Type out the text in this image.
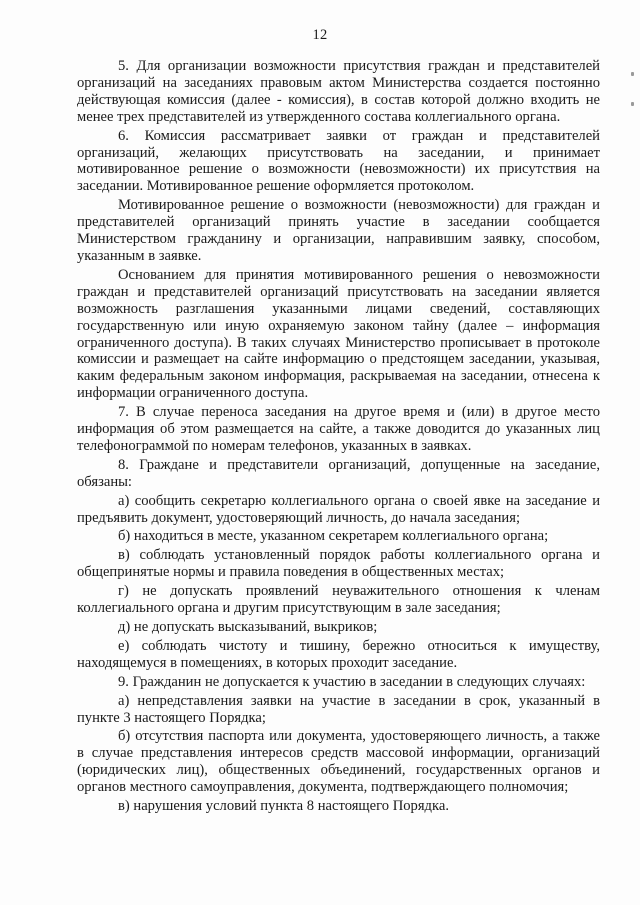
12

5. Для организации возможности присутствия граждан и представителей организаций на заседаниях правовым актом Министерства создается постоянно действующая комиссия (далее - комиссия), в состав которой должно входить не менее трех представителей из утвержденного состава коллегиального органа.

6. Комиссия рассматривает заявки от граждан и представителей организаций, желающих присутствовать на заседании, и принимает мотивированное решение о возможности (невозможности) их присутствия на заседании. Мотивированное решение оформляется протоколом.

Мотивированное решение о возможности (невозможности) для граждан и представителей организаций принять участие в заседании сообщается Министерством гражданину и организации, направившим заявку, способом, указанным в заявке.

Основанием для принятия мотивированного решения о невозможности граждан и представителей организаций присутствовать на заседании является возможность разглашения указанными лицами сведений, составляющих государственную или иную охраняемую законом тайну (далее – информация ограниченного доступа). В таких случаях Министерство прописывает в протоколе комиссии и размещает на сайте информацию о предстоящем заседании, указывая, каким федеральным законом информация, раскрываемая на заседании, отнесена к информации ограниченного доступа.

7. В случае переноса заседания на другое время и (или) в другое место информация об этом размещается на сайте, а также доводится до указанных лиц телефонограммой по номерам телефонов, указанных в заявках.

8. Граждане и представители организаций, допущенные на заседание, обязаны:

а) сообщить секретарю коллегиального органа о своей явке на заседание и предъявить документ, удостоверяющий личность, до начала заседания;

б) находиться в месте, указанном секретарем коллегиального органа;

в) соблюдать установленный порядок работы коллегиального органа и общепринятые нормы и правила поведения в общественных местах;

г) не допускать проявлений неуважительного отношения к членам коллегиального органа и другим присутствующим в зале заседания;

д) не допускать высказываний, выкриков;

е) соблюдать чистоту и тишину, бережно относиться к имуществу, находящемуся в помещениях, в которых проходит заседание.

9. Гражданин не допускается к участию в заседании в следующих случаях:

а) непредставления заявки на участие в заседании в срок, указанный в пункте 3 настоящего Порядка;

б) отсутствия паспорта или документа, удостоверяющего личность, а также в случае представления интересов средств массовой информации, организаций (юридических лиц), общественных объединений, государственных органов и органов местного самоуправления, документа, подтверждающего полномочия;

в) нарушения условий пункта 8 настоящего Порядка.
